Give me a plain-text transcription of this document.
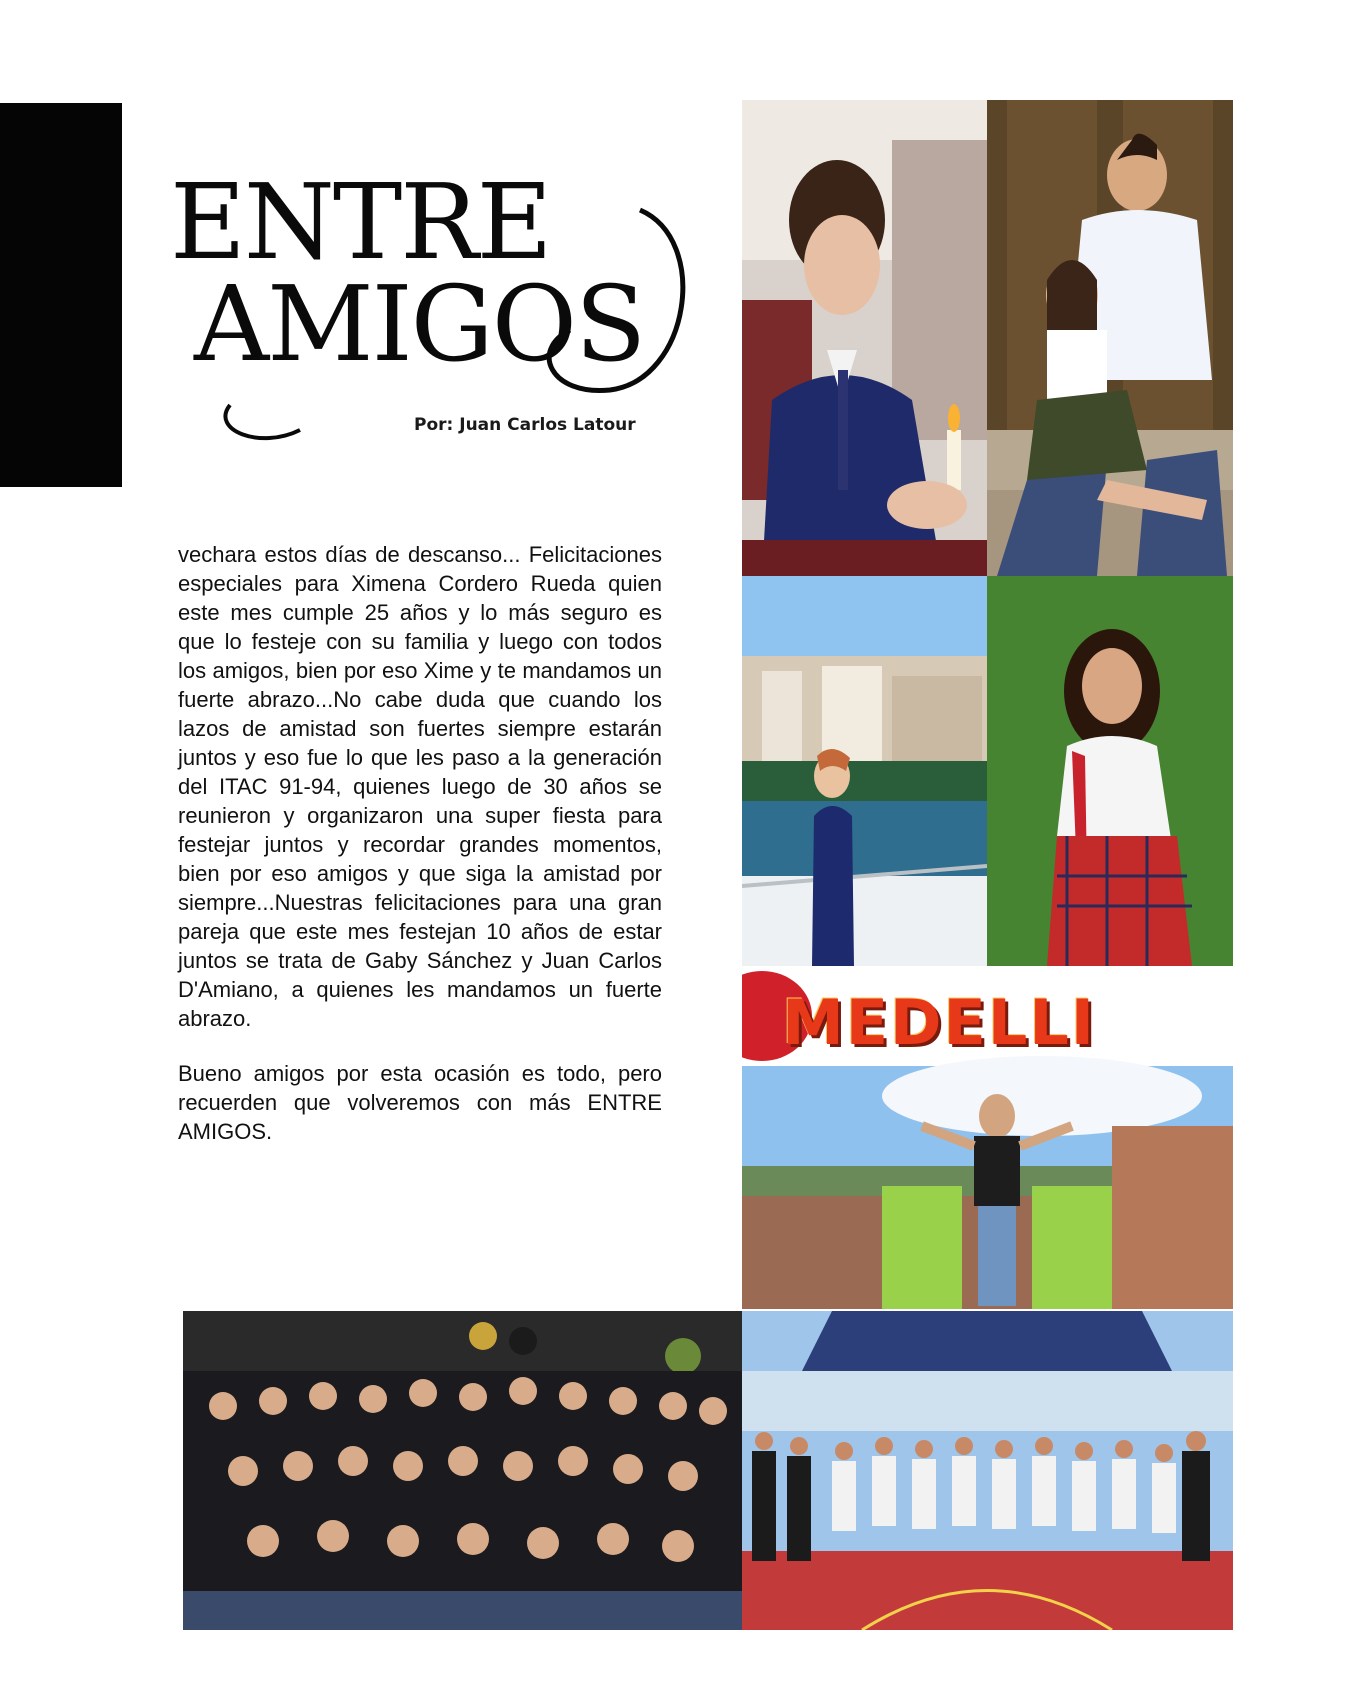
ENTRE
AMIGOS
Por: Juan Carlos Latour

vechara estos días de descanso... Felicitaciones especiales para Ximena Cordero Rueda quien este mes cumple 25 años y lo más seguro es que lo festeje con su familia y luego con todos los amigos, bien por eso Xime y te mandamos un fuerte abrazo...No cabe duda que cuando los lazos de amistad son fuertes siempre estarán juntos y eso fue lo que les paso a la generación del ITAC 91-94, quienes luego de 30 años se reunieron y organizaron una super fiesta para festejar juntos y recordar grandes momentos, bien por eso amigos y que siga la amistad por siempre...Nuestras felicitaciones para una gran pareja que este mes festejan 10 años de estar juntos se trata de Gaby Sánchez y Juan Carlos D'Amiano, a quienes les mandamos un fuerte abrazo.

Bueno amigos por esta ocasión es todo, pero recuerden que volveremos con más ENTRE AMIGOS.

MEDELLI
